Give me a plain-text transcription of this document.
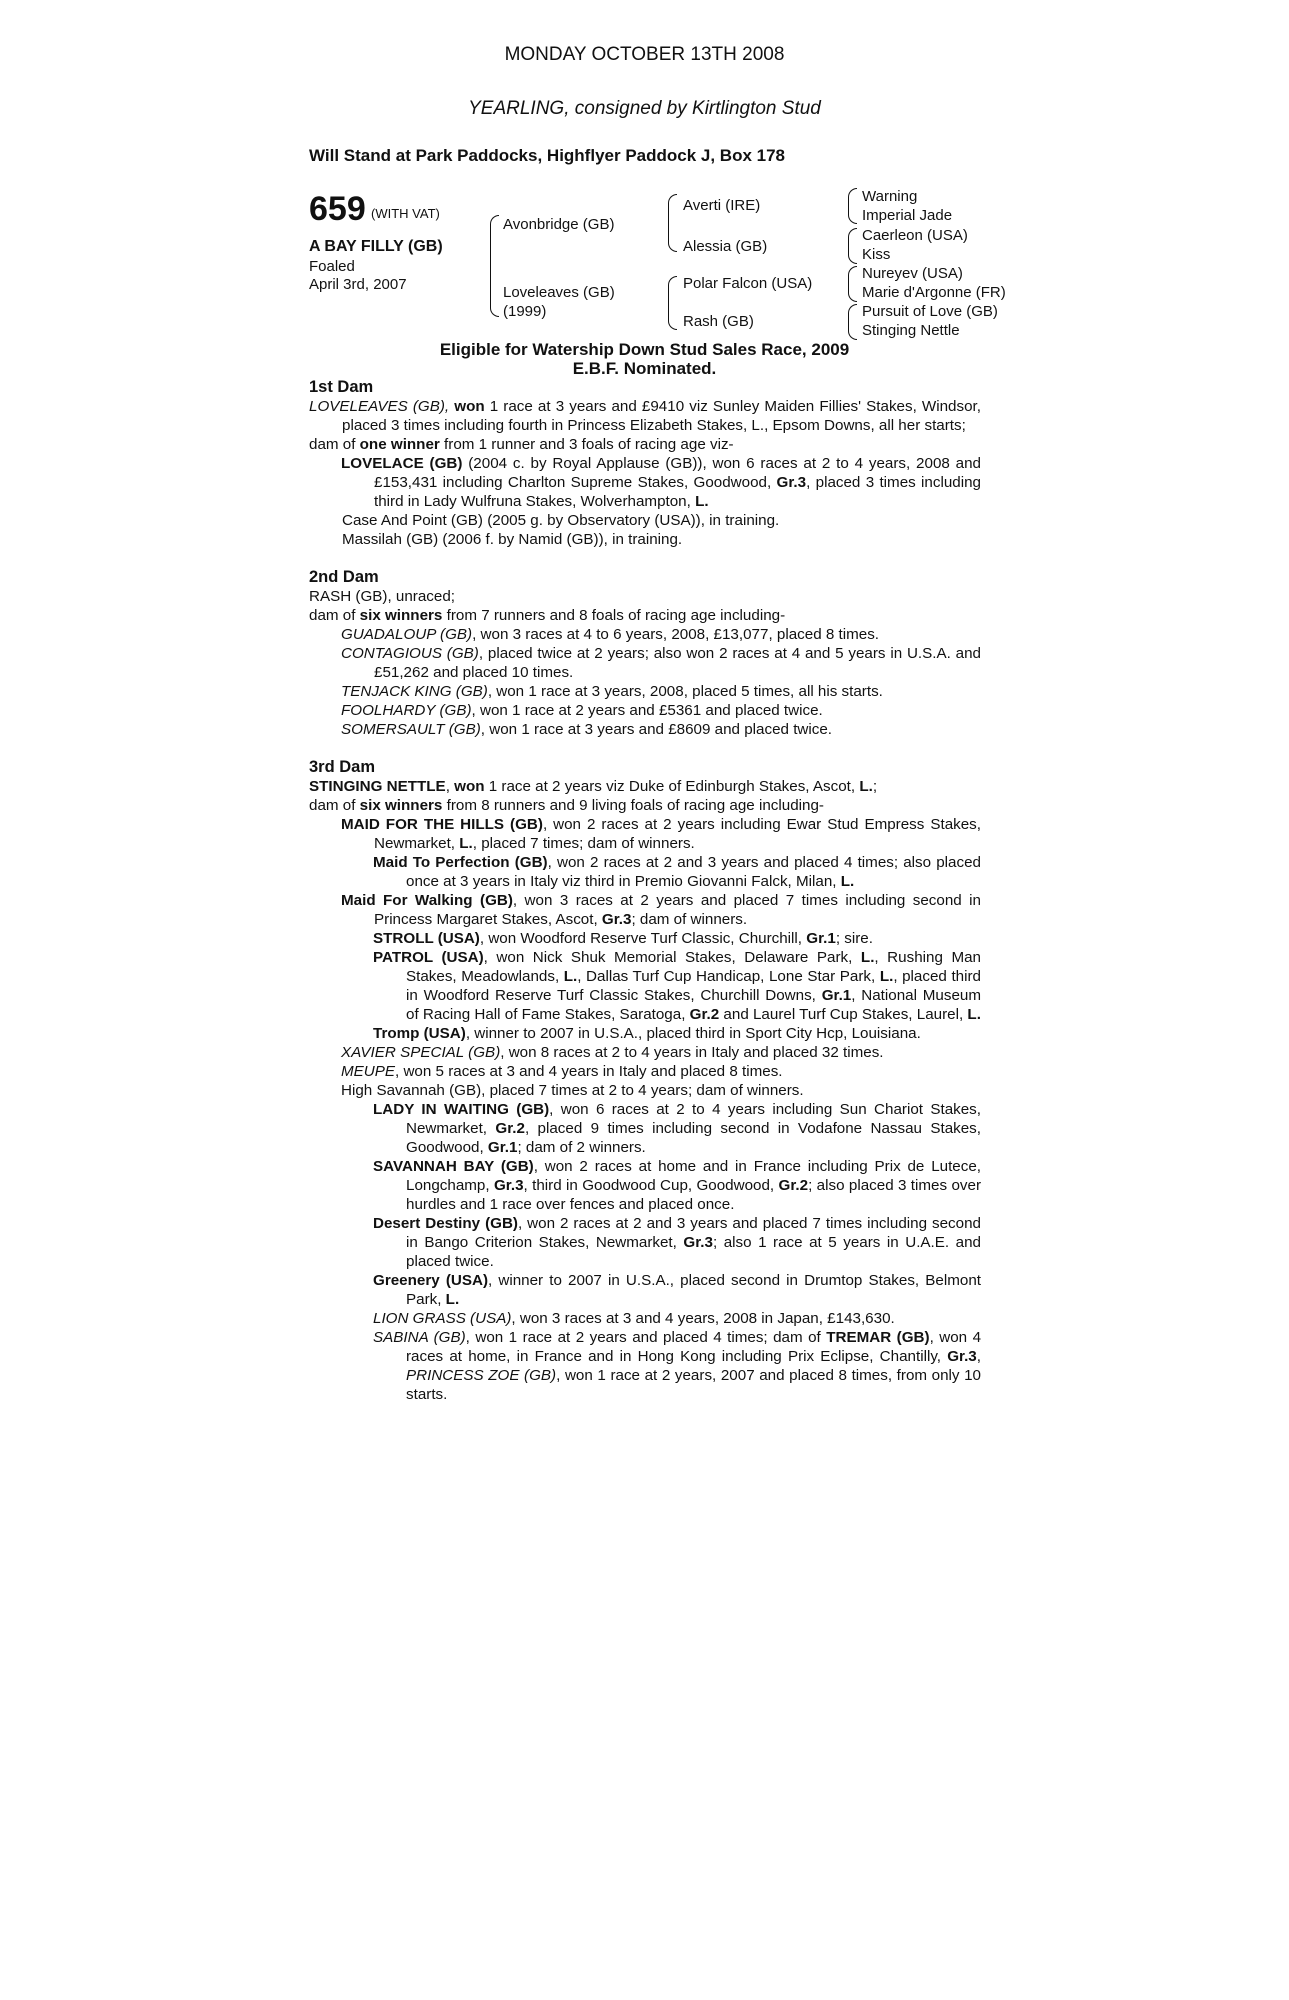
MONDAY OCTOBER 13TH 2008
YEARLING, consigned by Kirtlington Stud
Will Stand at Park Paddocks, Highflyer Paddock J, Box 178
659 (WITH VAT)
A BAY FILLY (GB)
Foaled
April 3rd, 2007
Avonbridge (GB)
Loveleaves (GB)
(1999)
Averti (IRE)
Alessia (GB)
Polar Falcon (USA)
Rash (GB)
Warning
Imperial Jade
Caerleon (USA)
Kiss
Nureyev (USA)
Marie d'Argonne (FR)
Pursuit of Love (GB)
Stinging Nettle
Eligible for Watership Down Stud Sales Race, 2009
E.B.F. Nominated.
1st Dam
LOVELEAVES (GB), won 1 race at 3 years and £9410 viz Sunley Maiden Fillies' Stakes, Windsor, placed 3 times including fourth in Princess Elizabeth Stakes, L., Epsom Downs, all her starts;
dam of one winner from 1 runner and 3 foals of racing age viz-
LOVELACE (GB) (2004 c. by Royal Applause (GB)), won 6 races at 2 to 4 years, 2008 and £153,431 including Charlton Supreme Stakes, Goodwood, Gr.3, placed 3 times including third in Lady Wulfruna Stakes, Wolverhampton, L.
Case And Point (GB) (2005 g. by Observatory (USA)), in training.
Massilah (GB) (2006 f. by Namid (GB)), in training.
2nd Dam
RASH (GB), unraced;
dam of six winners from 7 runners and 8 foals of racing age including-
GUADALOUP (GB), won 3 races at 4 to 6 years, 2008, £13,077, placed 8 times.
CONTAGIOUS (GB), placed twice at 2 years; also won 2 races at 4 and 5 years in U.S.A. and £51,262 and placed 10 times.
TENJACK KING (GB), won 1 race at 3 years, 2008, placed 5 times, all his starts.
FOOLHARDY (GB), won 1 race at 2 years and £5361 and placed twice.
SOMERSAULT (GB), won 1 race at 3 years and £8609 and placed twice.
3rd Dam
STINGING NETTLE, won 1 race at 2 years viz Duke of Edinburgh Stakes, Ascot, L.;
dam of six winners from 8 runners and 9 living foals of racing age including-
MAID FOR THE HILLS (GB), won 2 races at 2 years including Ewar Stud Empress Stakes, Newmarket, L., placed 7 times; dam of winners.
Maid To Perfection (GB), won 2 races at 2 and 3 years and placed 4 times; also placed once at 3 years in Italy viz third in Premio Giovanni Falck, Milan, L.
Maid For Walking (GB), won 3 races at 2 years and placed 7 times including second in Princess Margaret Stakes, Ascot, Gr.3; dam of winners.
STROLL (USA), won Woodford Reserve Turf Classic, Churchill, Gr.1; sire.
PATROL (USA), won Nick Shuk Memorial Stakes, Delaware Park, L., Rushing Man Stakes, Meadowlands, L., Dallas Turf Cup Handicap, Lone Star Park, L., placed third in Woodford Reserve Turf Classic Stakes, Churchill Downs, Gr.1, National Museum of Racing Hall of Fame Stakes, Saratoga, Gr.2 and Laurel Turf Cup Stakes, Laurel, L.
Tromp (USA), winner to 2007 in U.S.A., placed third in Sport City Hcp, Louisiana.
XAVIER SPECIAL (GB), won 8 races at 2 to 4 years in Italy and placed 32 times.
MEUPE, won 5 races at 3 and 4 years in Italy and placed 8 times.
High Savannah (GB), placed 7 times at 2 to 4 years; dam of winners.
LADY IN WAITING (GB), won 6 races at 2 to 4 years including Sun Chariot Stakes, Newmarket, Gr.2, placed 9 times including second in Vodafone Nassau Stakes, Goodwood, Gr.1; dam of 2 winners.
SAVANNAH BAY (GB), won 2 races at home and in France including Prix de Lutece, Longchamp, Gr.3, third in Goodwood Cup, Goodwood, Gr.2; also placed 3 times over hurdles and 1 race over fences and placed once.
Desert Destiny (GB), won 2 races at 2 and 3 years and placed 7 times including second in Bango Criterion Stakes, Newmarket, Gr.3; also 1 race at 5 years in U.A.E. and placed twice.
Greenery (USA), winner to 2007 in U.S.A., placed second in Drumtop Stakes, Belmont Park, L.
LION GRASS (USA), won 3 races at 3 and 4 years, 2008 in Japan, £143,630.
SABINA (GB), won 1 race at 2 years and placed 4 times; dam of TREMAR (GB), won 4 races at home, in France and in Hong Kong including Prix Eclipse, Chantilly, Gr.3, PRINCESS ZOE (GB), won 1 race at 2 years, 2007 and placed 8 times, from only 10 starts.
